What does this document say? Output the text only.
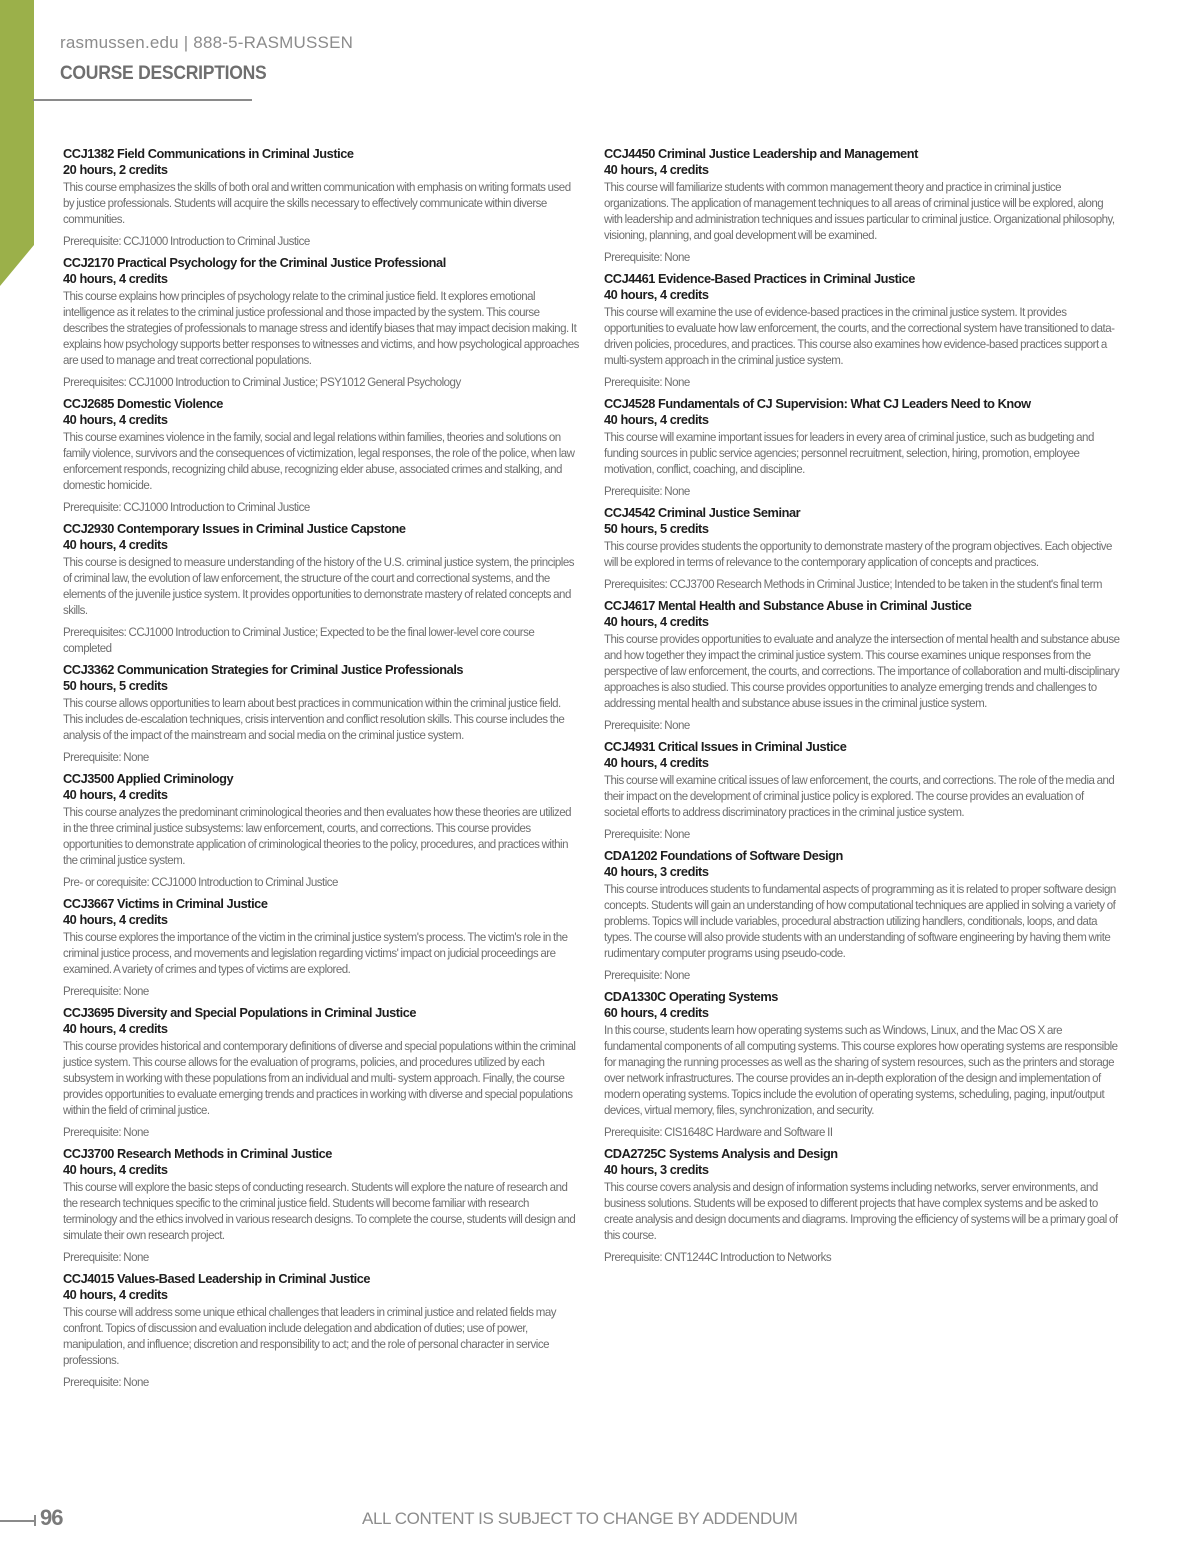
rasmussen.edu | 888-5-RASMUSSEN
COURSE DESCRIPTIONS
CCJ1382 Field Communications in Criminal Justice
20 hours, 2 credits
This course emphasizes the skills of both oral and written communication with emphasis on writing formats used by justice professionals. Students will acquire the skills necessary to effectively communicate within diverse communities.
Prerequisite: CCJ1000 Introduction to Criminal Justice
CCJ2170 Practical Psychology for the Criminal Justice Professional
40 hours, 4 credits
This course explains how principles of psychology relate to the criminal justice field. It explores emotional intelligence as it relates to the criminal justice professional and those impacted by the system. This course describes the strategies of professionals to manage stress and identify biases that may impact decision making. It explains how psychology supports better responses to witnesses and victims, and how psychological approaches are used to manage and treat correctional populations.
Prerequisites: CCJ1000 Introduction to Criminal Justice; PSY1012 General Psychology
CCJ2685 Domestic Violence
40 hours, 4 credits
This course examines violence in the family, social and legal relations within families, theories and solutions on family violence, survivors and the consequences of victimization, legal responses, the role of the police, when law enforcement responds, recognizing child abuse, recognizing elder abuse, associated crimes and stalking, and domestic homicide.
Prerequisite: CCJ1000 Introduction to Criminal Justice
CCJ2930 Contemporary Issues in Criminal Justice Capstone
40 hours, 4 credits
This course is designed to measure understanding of the history of the U.S. criminal justice system, the principles of criminal law, the evolution of law enforcement, the structure of the court and correctional systems, and the elements of the juvenile justice system. It provides opportunities to demonstrate mastery of related concepts and skills.
Prerequisites: CCJ1000 Introduction to Criminal Justice; Expected to be the final lower-level core course completed
CCJ3362 Communication Strategies for Criminal Justice Professionals
50 hours, 5 credits
This course allows opportunities to learn about best practices in communication within the criminal justice field. This includes de-escalation techniques, crisis intervention and conflict resolution skills. This course includes the analysis of the impact of the mainstream and social media on the criminal justice system.
Prerequisite: None
CCJ3500 Applied Criminology
40 hours, 4 credits
This course analyzes the predominant criminological theories and then evaluates how these theories are utilized in the three criminal justice subsystems: law enforcement, courts, and corrections. This course provides opportunities to demonstrate application of criminological theories to the policy, procedures, and practices within the criminal justice system.
Pre- or corequisite: CCJ1000 Introduction to Criminal Justice
CCJ3667 Victims in Criminal Justice
40 hours, 4 credits
This course explores the importance of the victim in the criminal justice system's process. The victim's role in the criminal justice process, and movements and legislation regarding victims' impact on judicial proceedings are examined. A variety of crimes and types of victims are explored.
Prerequisite: None
CCJ3695 Diversity and Special Populations in Criminal Justice
40 hours, 4 credits
This course provides historical and contemporary definitions of diverse and special populations within the criminal justice system. This course allows for the evaluation of programs, policies, and procedures utilized by each subsystem in working with these populations from an individual and multi- system approach. Finally, the course provides opportunities to evaluate emerging trends and practices in working with diverse and special populations within the field of criminal justice.
Prerequisite: None
CCJ3700 Research Methods in Criminal Justice
40 hours, 4 credits
This course will explore the basic steps of conducting research. Students will explore the nature of research and the research techniques specific to the criminal justice field. Students will become familiar with research terminology and the ethics involved in various research designs. To complete the course, students will design and simulate their own research project.
Prerequisite: None
CCJ4015 Values-Based Leadership in Criminal Justice
40 hours, 4 credits
This course will address some unique ethical challenges that leaders in criminal justice and related fields may confront. Topics of discussion and evaluation include delegation and abdication of duties; use of power, manipulation, and influence; discretion and responsibility to act; and the role of personal character in service professions.
Prerequisite: None
CCJ4450 Criminal Justice Leadership and Management
40 hours, 4 credits
This course will familiarize students with common management theory and practice in criminal justice organizations. The application of management techniques to all areas of criminal justice will be explored, along with leadership and administration techniques and issues particular to criminal justice. Organizational philosophy, visioning, planning, and goal development will be examined.
Prerequisite: None
CCJ4461 Evidence-Based Practices in Criminal Justice
40 hours, 4 credits
This course will examine the use of evidence-based practices in the criminal justice system. It provides opportunities to evaluate how law enforcement, the courts, and the correctional system have transitioned to data-driven policies, procedures, and practices. This course also examines how evidence-based practices support a multi-system approach in the criminal justice system.
Prerequisite: None
CCJ4528 Fundamentals of CJ Supervision: What CJ Leaders Need to Know
40 hours, 4 credits
This course will examine important issues for leaders in every area of criminal justice, such as budgeting and funding sources in public service agencies; personnel recruitment, selection, hiring, promotion, employee motivation, conflict, coaching, and discipline.
Prerequisite: None
CCJ4542 Criminal Justice Seminar
50 hours, 5 credits
This course provides students the opportunity to demonstrate mastery of the program objectives. Each objective will be explored in terms of relevance to the contemporary application of concepts and practices.
Prerequisites: CCJ3700 Research Methods in Criminal Justice; Intended to be taken in the student's final term
CCJ4617 Mental Health and Substance Abuse in Criminal Justice
40 hours, 4 credits
This course provides opportunities to evaluate and analyze the intersection of mental health and substance abuse and how together they impact the criminal justice system. This course examines unique responses from the perspective of law enforcement, the courts, and corrections. The importance of collaboration and multi-disciplinary approaches is also studied. This course provides opportunities to analyze emerging trends and challenges to addressing mental health and substance abuse issues in the criminal justice system.
Prerequisite: None
CCJ4931 Critical Issues in Criminal Justice
40 hours, 4 credits
This course will examine critical issues of law enforcement, the courts, and corrections. The role of the media and their impact on the development of criminal justice policy is explored. The course provides an evaluation of societal efforts to address discriminatory practices in the criminal justice system.
Prerequisite: None
CDA1202 Foundations of Software Design
40 hours, 3 credits
This course introduces students to fundamental aspects of programming as it is related to proper software design concepts. Students will gain an understanding of how computational techniques are applied in solving a variety of problems. Topics will include variables, procedural abstraction utilizing handlers, conditionals, loops, and data types. The course will also provide students with an understanding of software engineering by having them write rudimentary computer programs using pseudo-code.
Prerequisite: None
CDA1330C Operating Systems
60 hours, 4 credits
In this course, students learn how operating systems such as Windows, Linux, and the Mac OS X are fundamental components of all computing systems. This course explores how operating systems are responsible for managing the running processes as well as the sharing of system resources, such as the printers and storage over network infrastructures. The course provides an in-depth exploration of the design and implementation of modern operating systems. Topics include the evolution of operating systems, scheduling, paging, input/output devices, virtual memory, files, synchronization, and security.
Prerequisite: CIS1648C Hardware and Software II
CDA2725C Systems Analysis and Design
40 hours, 3 credits
This course covers analysis and design of information systems including networks, server environments, and business solutions. Students will be exposed to different projects that have complex systems and be asked to create analysis and design documents and diagrams. Improving the efficiency of systems will be a primary goal of this course.
Prerequisite: CNT1244C Introduction to Networks
96	ALL CONTENT IS SUBJECT TO CHANGE BY ADDENDUM
